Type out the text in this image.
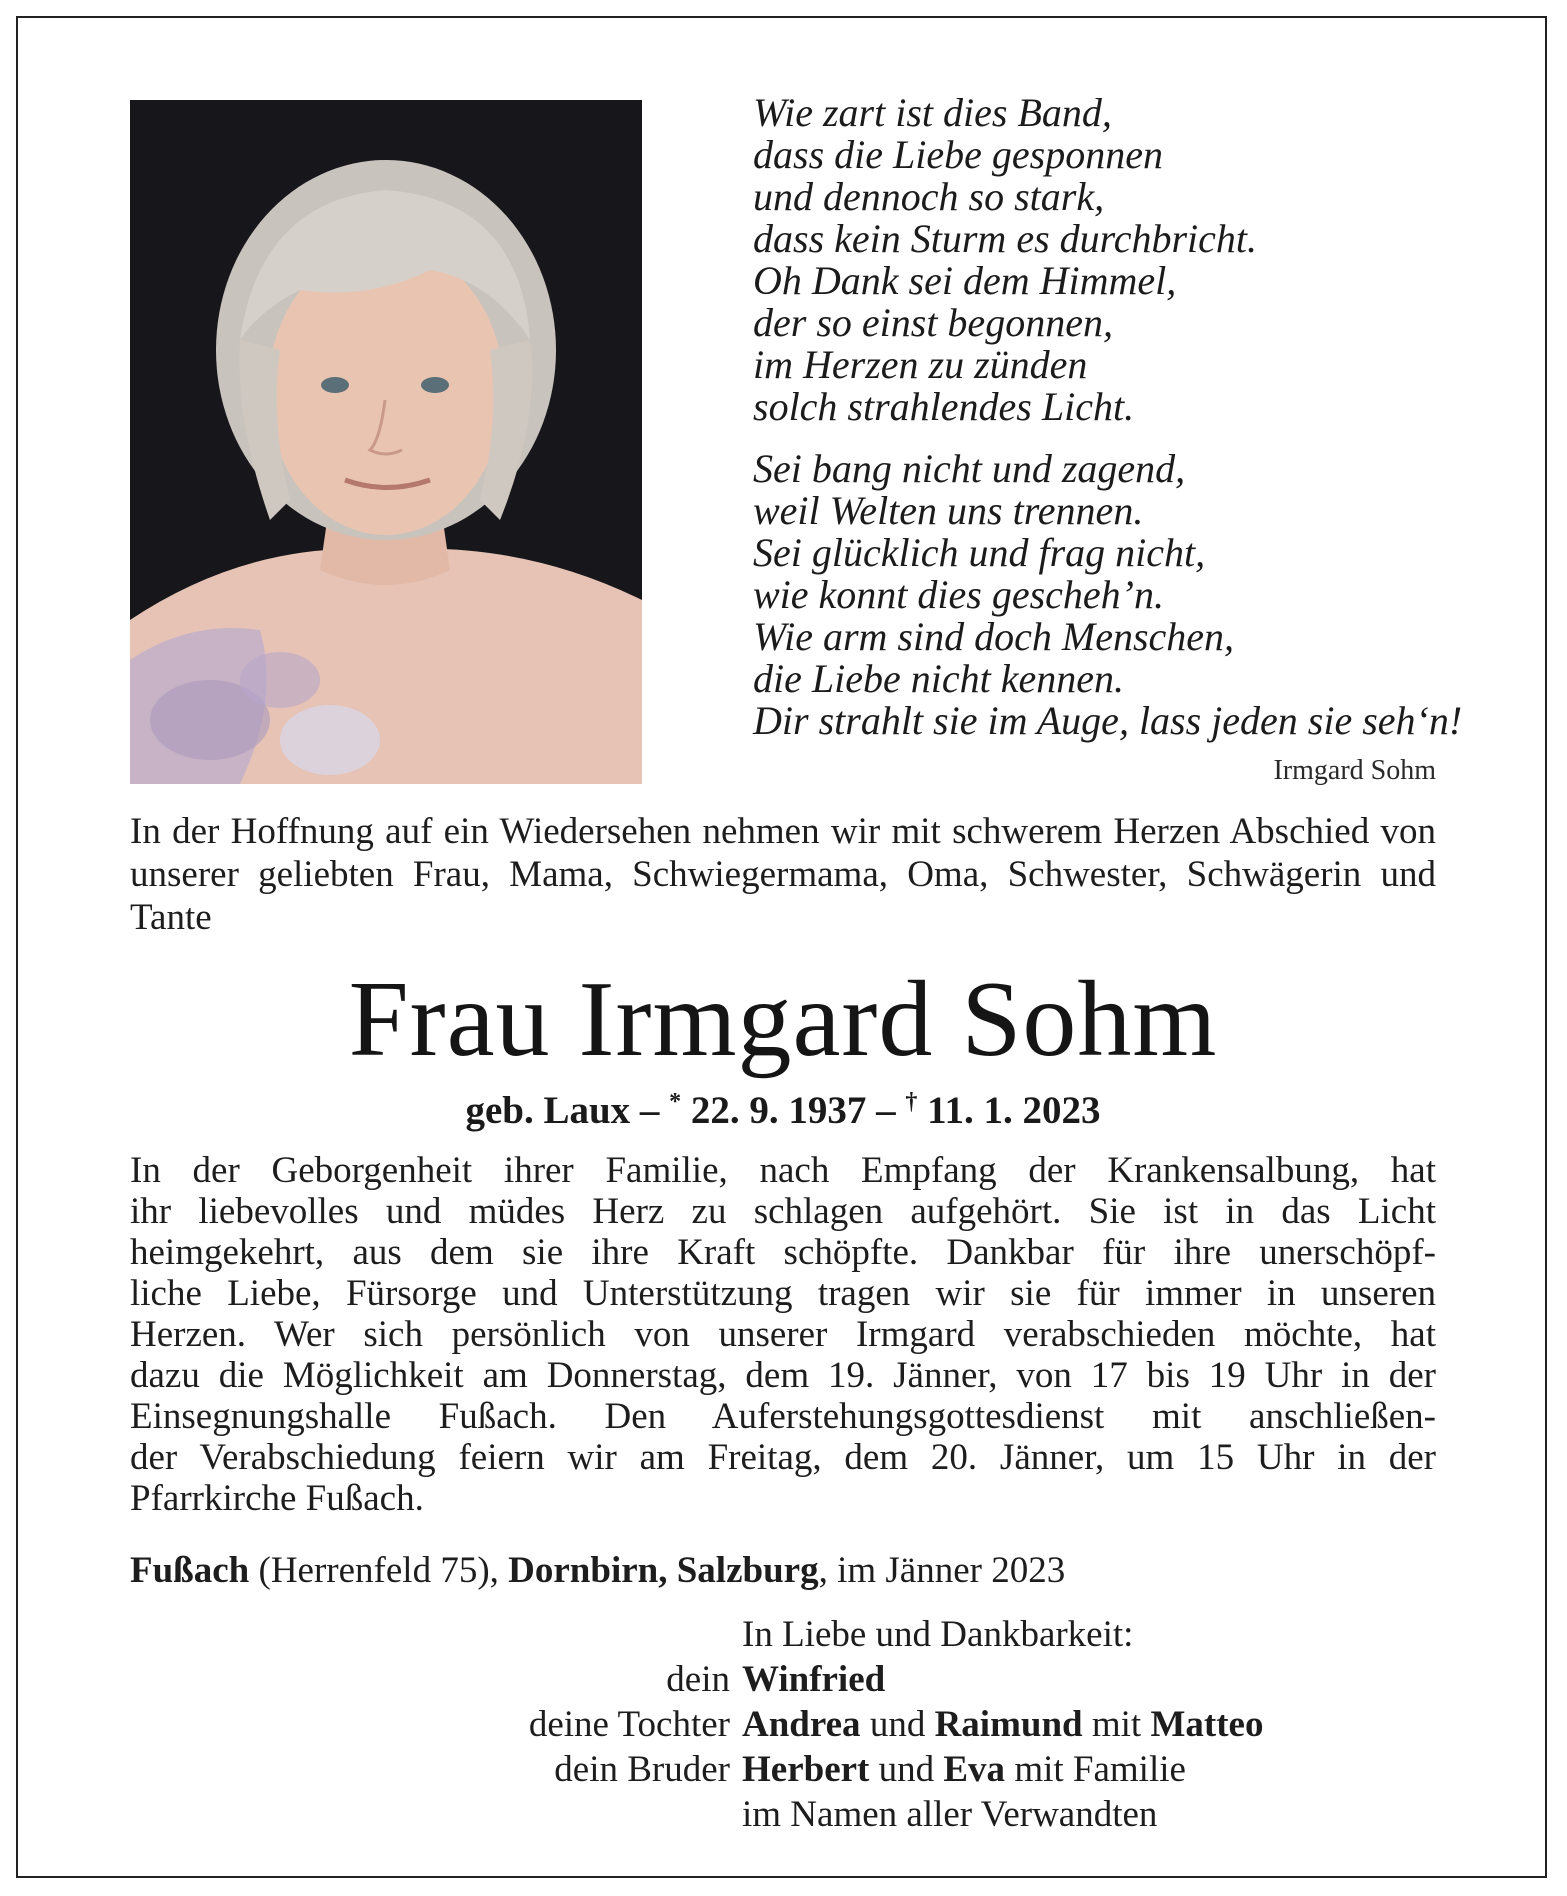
Wie zart ist dies Band,
dass die Liebe gesponnen
und dennoch so stark,
dass kein Sturm es durchbricht.
Oh Dank sei dem Himmel,
der so einst begonnen,
im Herzen zu zünden
solch strahlendes Licht.
Sei bang nicht und zagend,
weil Welten uns trennen.
Sei glücklich und frag nicht,
wie konnt dies gescheh’n.
Wie arm sind doch Menschen,
die Liebe nicht kennen.
Dir strahlt sie im Auge, lass jeden sie seh‘n!
Irmgard Sohm
In der Hoffnung auf ein Wiedersehen nehmen wir mit schwerem Herzen Abschied von unserer geliebten Frau, Mama, Schwiegermama, Oma, Schwester, Schwägerin und Tante
Frau Irmgard Sohm
geb. Laux – * 22. 9. 1937 – † 11. 1. 2023
In der Geborgenheit ihrer Familie, nach Empfang der Krankensalbung, hat
ihr liebevolles und müdes Herz zu schlagen aufgehört. Sie ist in das Licht
heimgekehrt, aus dem sie ihre Kraft schöpfte. Dankbar für ihre unerschöpf-
liche Liebe, Fürsorge und Unterstützung tragen wir sie für immer in unseren
Herzen. Wer sich persönlich von unserer Irmgard verabschieden möchte, hat
dazu die Möglichkeit am Donnerstag, dem 19. Jänner, von 17 bis 19 Uhr in der
Einsegnungshalle Fußach. Den Auferstehungsgottesdienst mit anschließen-
der Verabschiedung feiern wir am Freitag, dem 20. Jänner, um 15 Uhr in der
Pfarrkirche Fußach.
Fußach (Herrenfeld 75), Dornbirn, Salzburg, im Jänner 2023
In Liebe und Dankbarkeit:
dein Winfried
deine Tochter Andrea und Raimund mit Matteo
dein Bruder Herbert und Eva mit Familie
im Namen aller Verwandten
